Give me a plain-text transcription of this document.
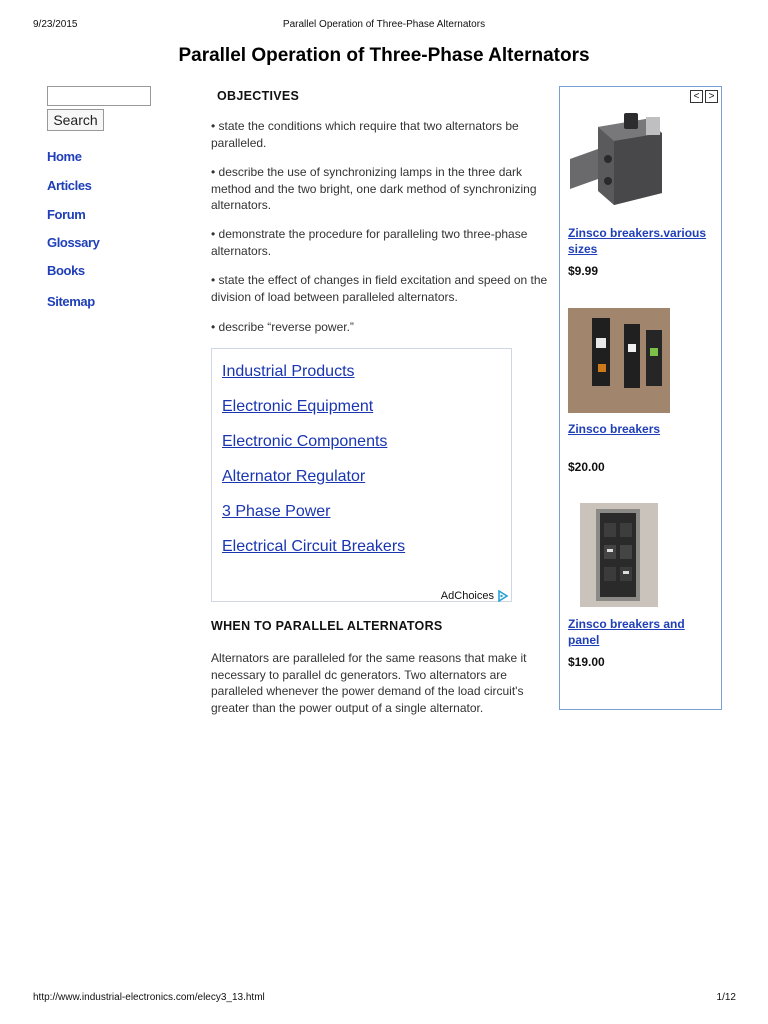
9/23/2015	Parallel Operation of Three-Phase Alternators
Parallel Operation of Three-Phase Alternators
Search
Home
Articles
Forum
Glossary
Books
Sitemap
OBJECTIVES

• state the conditions which require that two alternators be paralleled.

• describe the use of synchronizing lamps in the three dark method and the two bright, one dark method of synchronizing alternators.

• demonstrate the procedure for paralleling two three-phase alternators.

• state the effect of changes in field excitation and speed on the division of load between paralleled alternators.

• describe “reverse power.”

Industrial Products
Electronic Equipment
Electronic Components
Alternator Regulator
3 Phase Power
Electrical Circuit Breakers
AdChoices
WHEN TO PARALLEL ALTERNATORS

Alternators are paralleled for the same reasons that make it necessary to parallel dc generators. Two alternators are paralleled whenever the power demand of the load circuit's greater than the power output of a single alternator.

< >
Zinsco breakers.various sizes
$9.99
Zinsco breakers
$20.00
Zinsco breakers and panel
$19.00
http://www.industrial-electronics.com/elecy3_13.html	1/12
